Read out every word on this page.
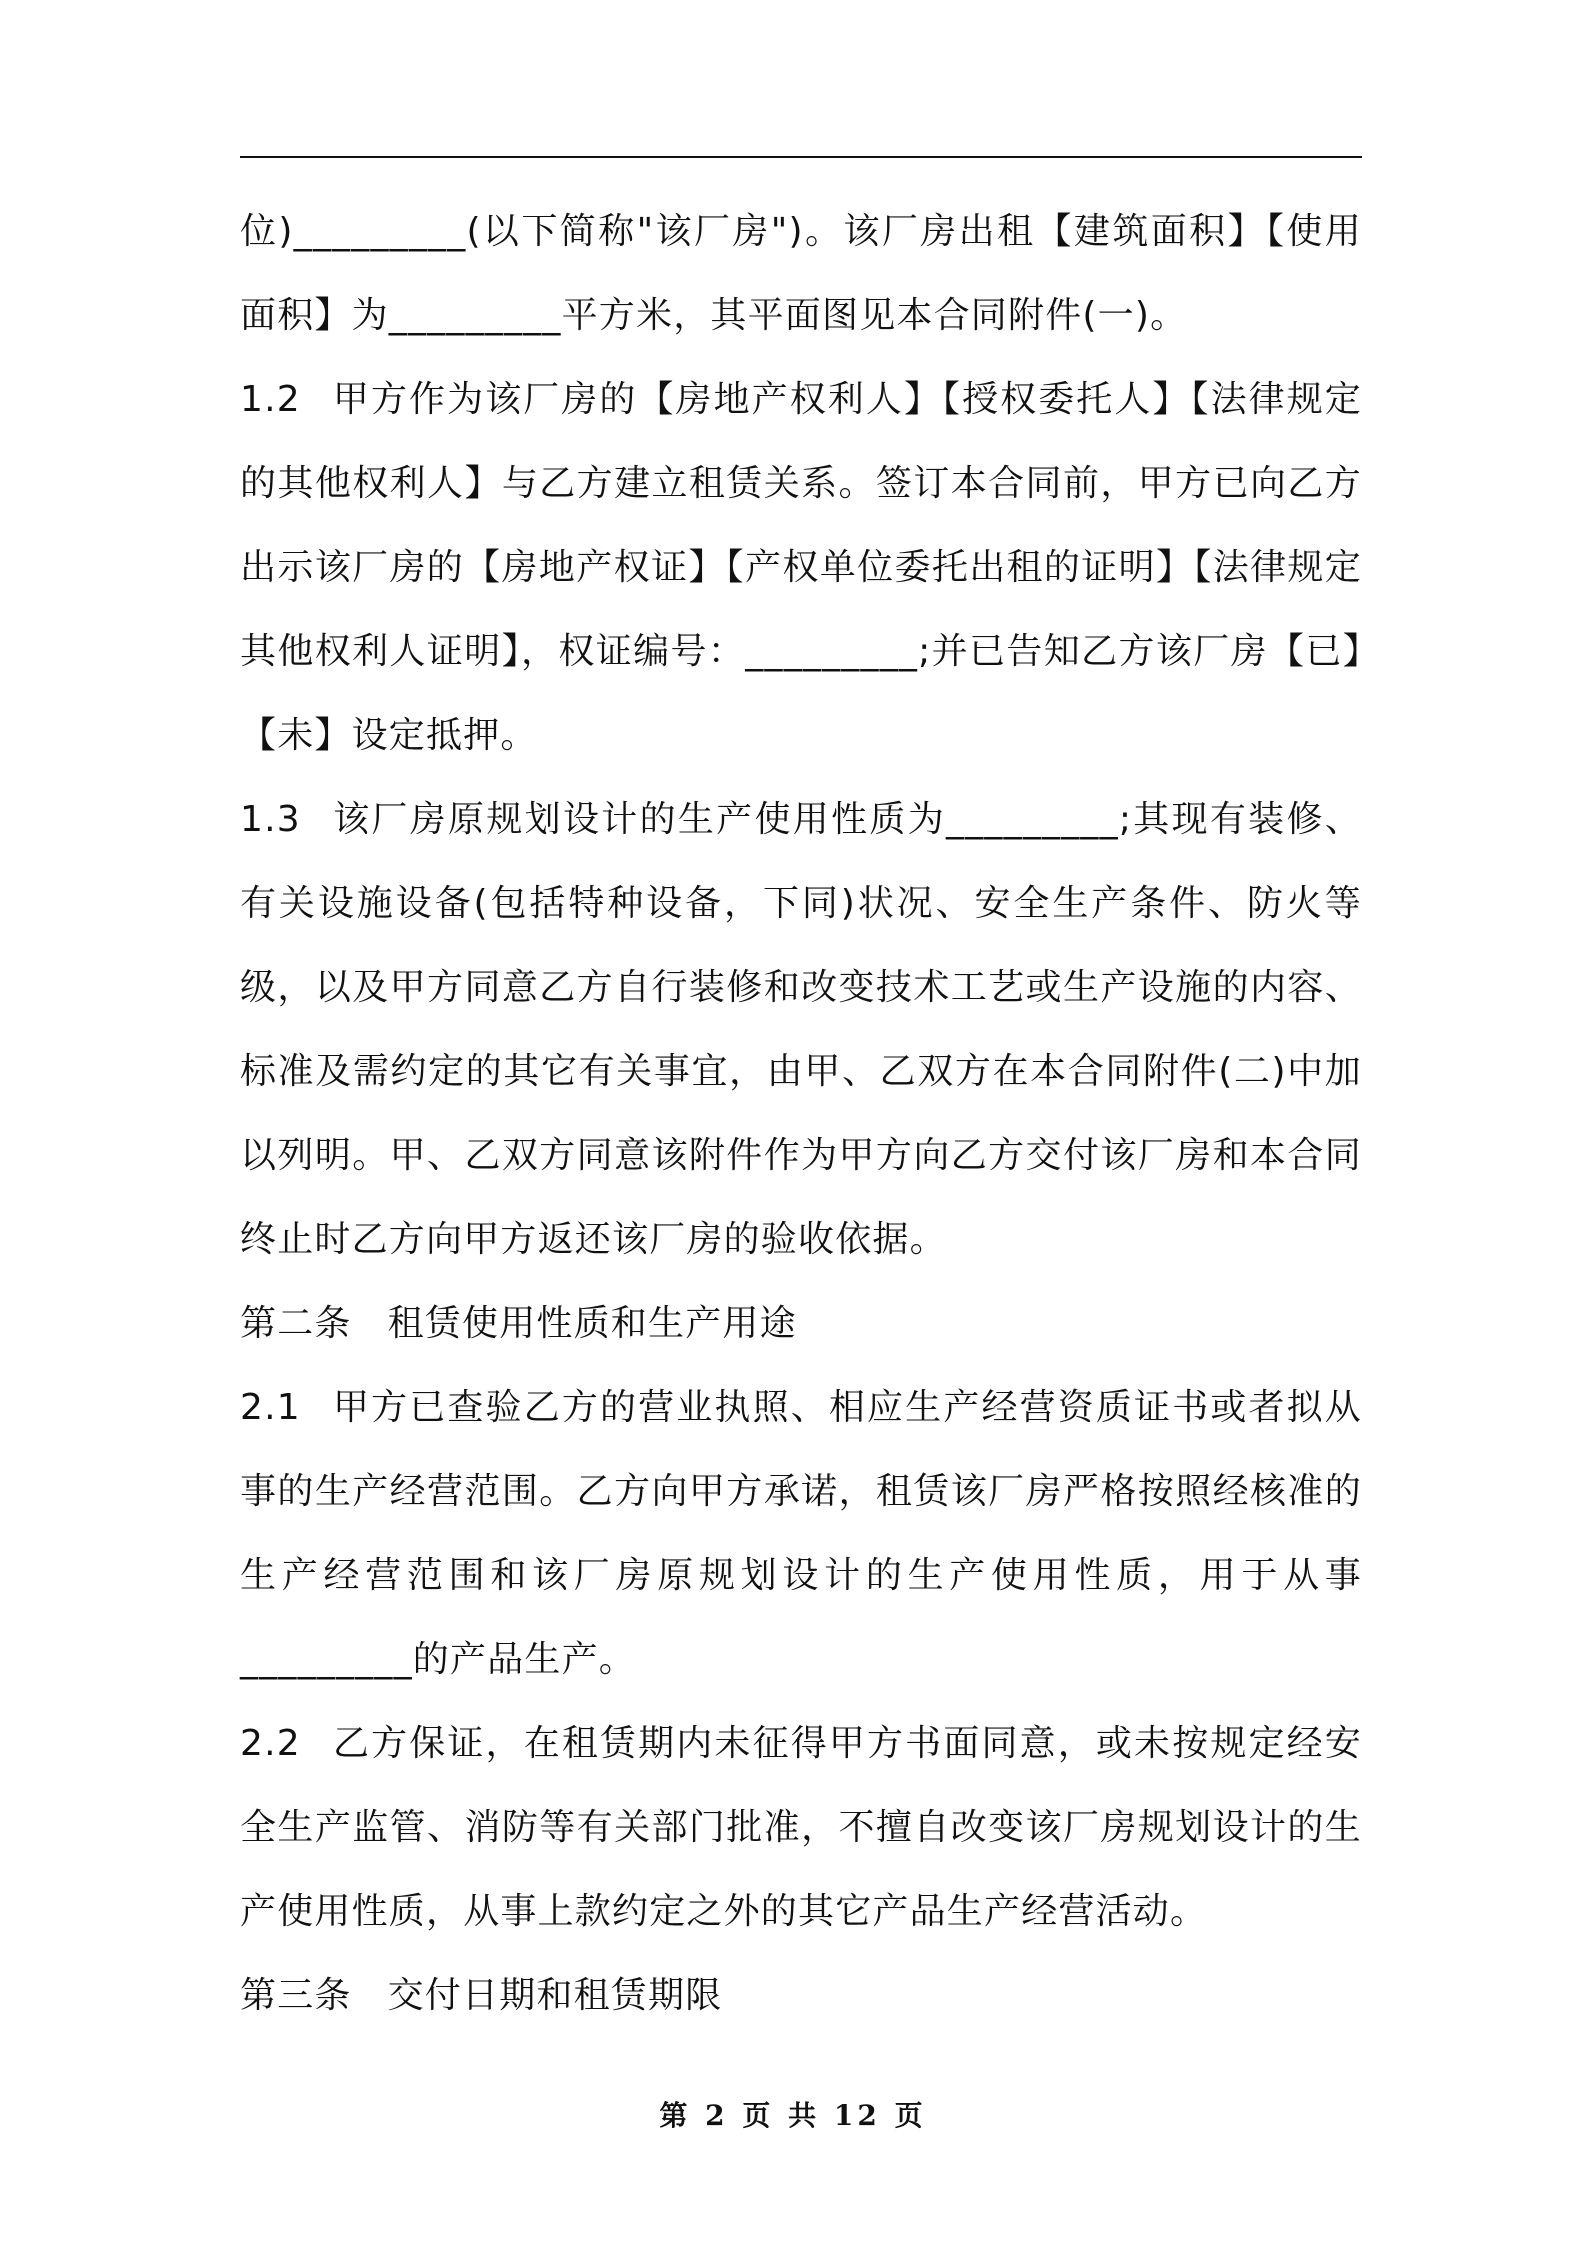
位)_________(以下简称"该厂房")。该厂房出租【建筑面积】【使用面积】为_________平方米，其平面图见本合同附件(一)。

1.2 甲方作为该厂房的【房地产权利人】【授权委托人】【法律规定的其他权利人】与乙方建立租赁关系。签订本合同前，甲方已向乙方出示该厂房的【房地产权证】【产权单位委托出租的证明】【法律规定其他权利人证明】，权证编号：_________;并已告知乙方该厂房【已】【未】设定抵押。

1.3 该厂房原规划设计的生产使用性质为_________;其现有装修、有关设施设备(包括特种设备，下同)状况、安全生产条件、防火等级，以及甲方同意乙方自行装修和改变技术工艺或生产设施的内容、标准及需约定的其它有关事宜，由甲、乙双方在本合同附件(二)中加以列明。甲、乙双方同意该附件作为甲方向乙方交付该厂房和本合同终止时乙方向甲方返还该厂房的验收依据。

第二条 租赁使用性质和生产用途

2.1 甲方已查验乙方的营业执照、相应生产经营资质证书或者拟从事的生产经营范围。乙方向甲方承诺，租赁该厂房严格按照经核准的生产经营范围和该厂房原规划设计的生产使用性质，用于从事_________的产品生产。

2.2 乙方保证，在租赁期内未征得甲方书面同意，或未按规定经安全生产监管、消防等有关部门批准，不擅自改变该厂房规划设计的生产使用性质，从事上款约定之外的其它产品生产经营活动。

第三条 交付日期和租赁期限

第 2 页 共 12 页
